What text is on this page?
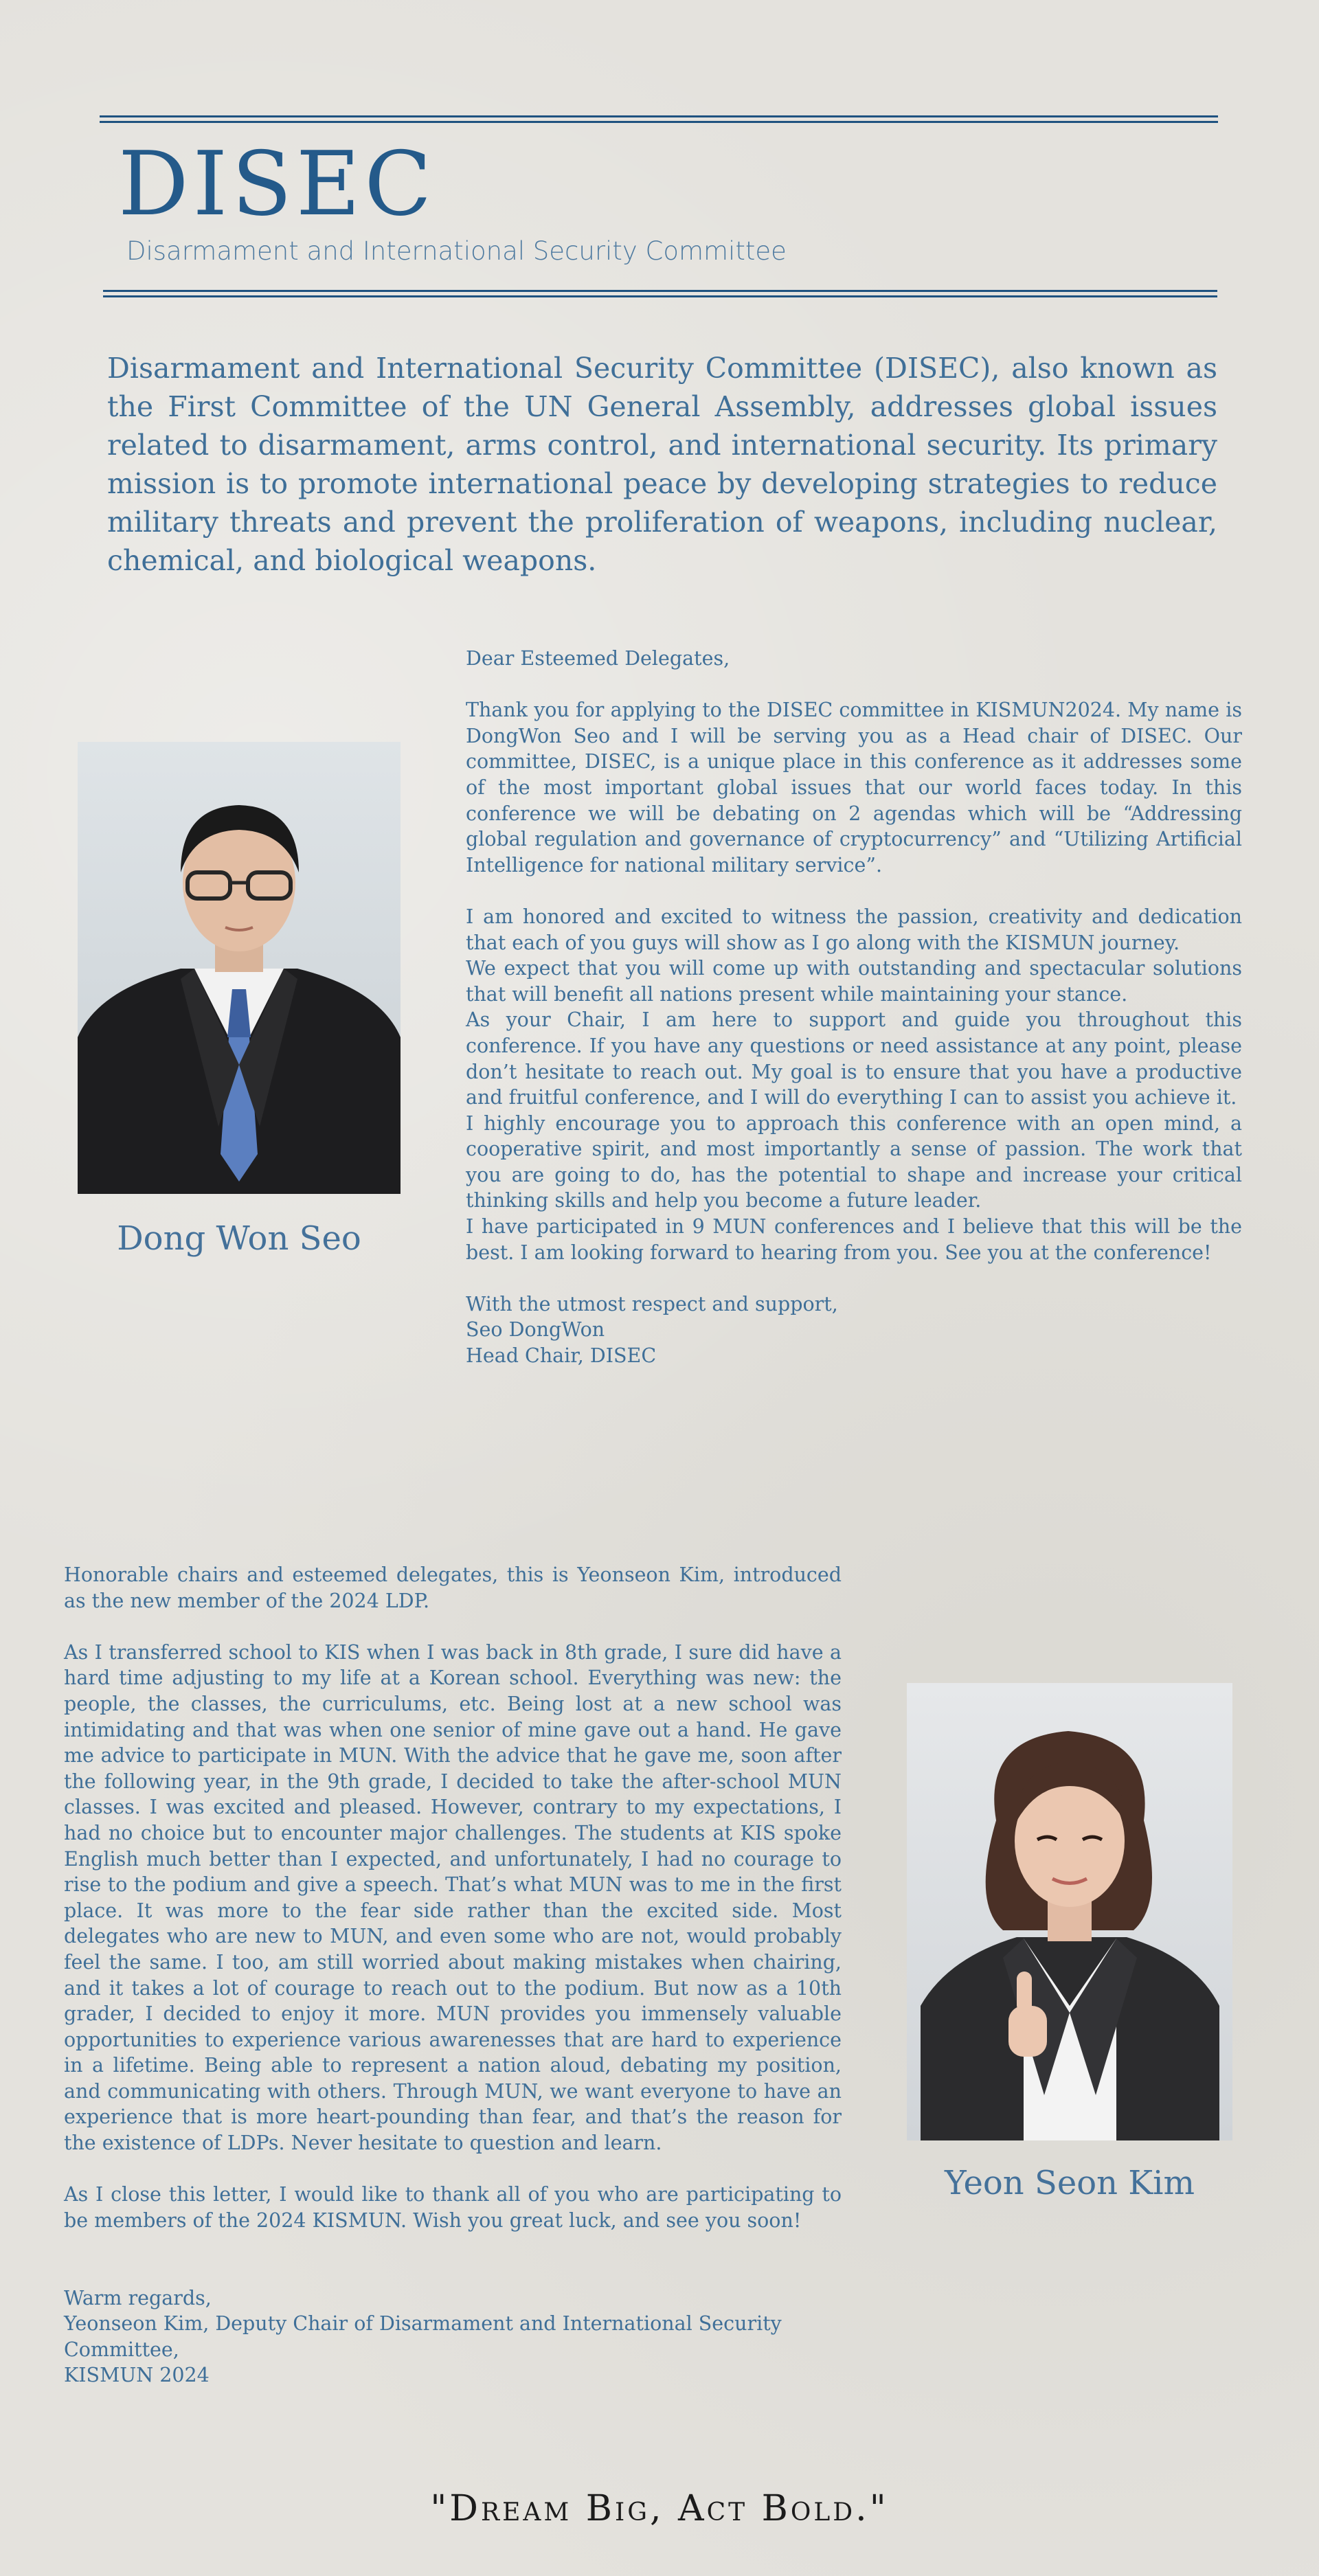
DISEC
Disarmament and International Security Committee
Disarmament and International Security Committee (DISEC), also known as the First Committee of the UN General Assembly, addresses global issues related to disarmament, arms control, and international security. Its primary mission is to promote international peace by developing strategies to reduce military threats and prevent the proliferation of weapons, including nuclear, chemical, and biological weapons.
Dong Won Seo

Dear Esteemed Delegates,

Thank you for applying to the DISEC committee in KISMUN2024. My name is DongWon Seo and I will be serving you as a Head chair of DISEC. Our committee, DISEC, is a unique place in this conference as it addresses some of the most important global issues that our world faces today. In this conference we will be debating on 2 agendas which will be “Addressing global regulation and governance of cryptocurrency” and “Utilizing Artificial Intelligence for national military service”.

I am honored and excited to witness the passion, creativity and dedication that each of you guys will show as I go along with the KISMUN journey.

We expect that you will come up with outstanding and spectacular solutions that will benefit all nations present while maintaining your stance.

As your Chair, I am here to support and guide you throughout this conference. If you have any questions or need assistance at any point, please don’t hesitate to reach out. My goal is to ensure that you have a productive and fruitful conference, and I will do everything I can to assist you achieve it.

I highly encourage you to approach this conference with an open mind, a cooperative spirit, and most importantly a sense of passion. The work that you are going to do, has the potential to shape and increase your critical thinking skills and help you become a future leader.

I have participated in 9 MUN conferences and I believe that this will be the best. I am looking forward to hearing from you. See you at the conference!

With the utmost respect and support,

Seo DongWon

Head Chair, DISEC

Honorable chairs and esteemed delegates, this is Yeonseon Kim, introduced as the new member of the 2024 LDP.

As I transferred school to KIS when I was back in 8th grade, I sure did have a hard time adjusting to my life at a Korean school. Everything was new: the people, the classes, the curriculums, etc. Being lost at a new school was intimidating and that was when one senior of mine gave out a hand. He gave me advice to participate in MUN. With the advice that he gave me, soon after the following year, in the 9th grade, I decided to take the after-school MUN classes. I was excited and pleased. However, contrary to my expectations, I had no choice but to encounter major challenges. The students at KIS spoke English much better than I expected, and unfortunately, I had no courage to rise to the podium and give a speech. That’s what MUN was to me in the first place. It was more to the fear side rather than the excited side. Most delegates who are new to MUN, and even some who are not, would probably feel the same. I too, am still worried about making mistakes when chairing, and it takes a lot of courage to reach out to the podium. But now as a 10th grader, I decided to enjoy it more. MUN provides you immensely valuable opportunities to experience various awarenesses that are hard to experience in a lifetime. Being able to represent a nation aloud, debating my position, and communicating with others. Through MUN, we want everyone to have an experience that is more heart-pounding than fear, and that’s the reason for the existence of LDPs. Never hesitate to question and learn.

As I close this letter, I would like to thank all of you who are participating to be members of the 2024 KISMUN. Wish you great luck, and see you soon!

Warm regards,

Yeonseon Kim, Deputy Chair of Disarmament and International Security Committee,

KISMUN 2024

Yeon Seon Kim
"Dream Big, Act Bold."
